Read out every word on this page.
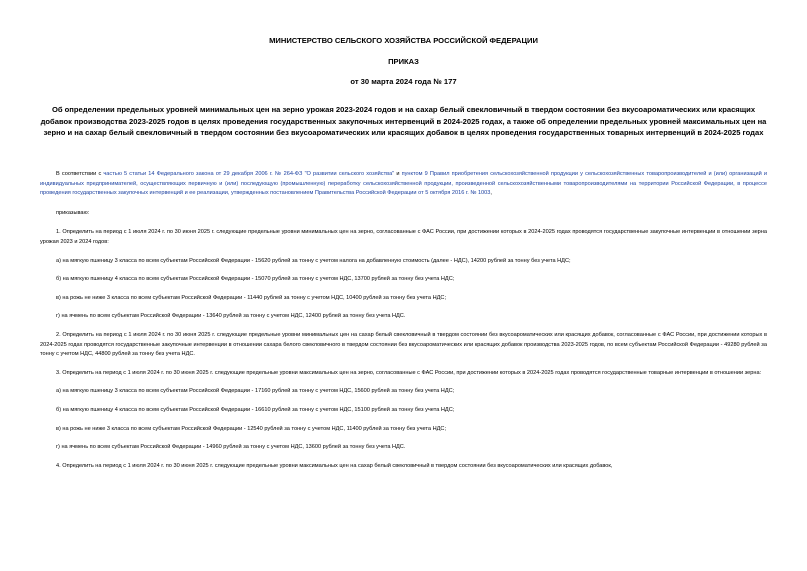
МИНИСТЕРСТВО СЕЛЬСКОГО ХОЗЯЙСТВА РОССИЙСКОЙ ФЕДЕРАЦИИ
ПРИКАЗ
от 30 марта 2024 года № 177
Об определении предельных уровней минимальных цен на зерно урожая 2023-2024 годов и на сахар белый свекловичный в твердом состоянии без вкусоароматических или красящих добавок производства 2023-2025 годов в целях проведения государственных закупочных интервенций в 2024-2025 годах, а также об определении предельных уровней максимальных цен на зерно и на сахар белый свекловичный в твердом состоянии без вкусоароматических или красящих добавок в целях проведения государственных товарных интервенций в 2024-2025 годах

В соответствии с частью 5 статьи 14 Федерального закона от 29 декабря 2006 г. № 264-ФЗ "О развитии сельского хозяйства" и пунктом 9 Правил приобретения сельскохозяйственной продукции у сельскохозяйственных товаропроизводителей и (или) организаций и индивидуальных предпринимателей, осуществляющих первичную и (или) последующую (промышленную) переработку сельскохозяйственной продукции, произведенной сельскохозяйственными товаропроизводителями на территории Российской Федерации, в процессе проведения государственных закупочных интервенций и ее реализации, утвержденных постановлением Правительства Российской Федерации от 5 октября 2016 г. № 1003,

приказываю:

1. Определить на период с 1 июля 2024 г. по 30 июня 2025 г. следующие предельные уровни минимальных цен на зерно, согласованные с ФАС России, при достижении которых в 2024-2025 годах проводятся государственные закупочные интервенции в отношении зерна урожая 2023 и 2024 годов:

а) на мягкую пшеницу 3 класса по всем субъектам Российской Федерации - 15620 рублей за тонну с учетом налога на добавленную стоимость (далее - НДС), 14200 рублей за тонну без учета НДС;

б) на мягкую пшеницу 4 класса по всем субъектам Российской Федерации - 15070 рублей за тонну с учетом НДС, 13700 рублей за тонну без учета НДС;

в) на рожь не ниже 3 класса по всем субъектам Российской Федерации - 11440 рублей за тонну с учетом НДС, 10400 рублей за тонну без учета НДС;

г) на ячмень по всем субъектам Российской Федерации - 13640 рублей за тонну с учетом НДС, 12400 рублей за тонну без учета НДС.

2. Определить на период с 1 июля 2024 г. по 30 июня 2025 г. следующие предельные уровни минимальных цен на сахар белый свекловичный в твердом состоянии без вкусоароматических или красящих добавок, согласованные с ФАС России, при достижении которых в 2024-2025 годах проводятся государственные закупочные интервенции в отношении сахара белого свекловичного в твердом состоянии без вкусоароматических или красящих добавок производства 2023-2025 годов, по всем субъектам Российской Федерации - 49280 рублей за тонну с учетом НДС, 44800 рублей за тонну без учета НДС.

3. Определить на период с 1 июля 2024 г. по 30 июня 2025 г. следующие предельные уровни максимальных цен на зерно, согласованные с ФАС России, при достижении которых в 2024-2025 годах проводятся государственные товарные интервенции в отношении зерна:

а) на мягкую пшеницу 3 класса по всем субъектам Российской Федерации - 17160 рублей за тонну с учетом НДС, 15600 рублей за тонну без учета НДС;

б) на мягкую пшеницу 4 класса по всем субъектам Российской Федерации - 16610 рублей за тонну с учетом НДС, 15100 рублей за тонну без учета НДС;

в) на рожь не ниже 3 класса по всем субъектам Российской Федерации - 12540 рублей за тонну с учетом НДС, 11400 рублей за тонну без учета НДС;

г) на ячмень по всем субъектам Российской Федерации - 14960 рублей за тонну с учетом НДС, 13600 рублей за тонну без учета НДС.

4. Определить на период с 1 июля 2024 г. по 30 июня 2025 г. следующие предельные уровни максимальных цен на сахар белый свекловичный в твердом состоянии без вкусоароматических или красящих добавок,
